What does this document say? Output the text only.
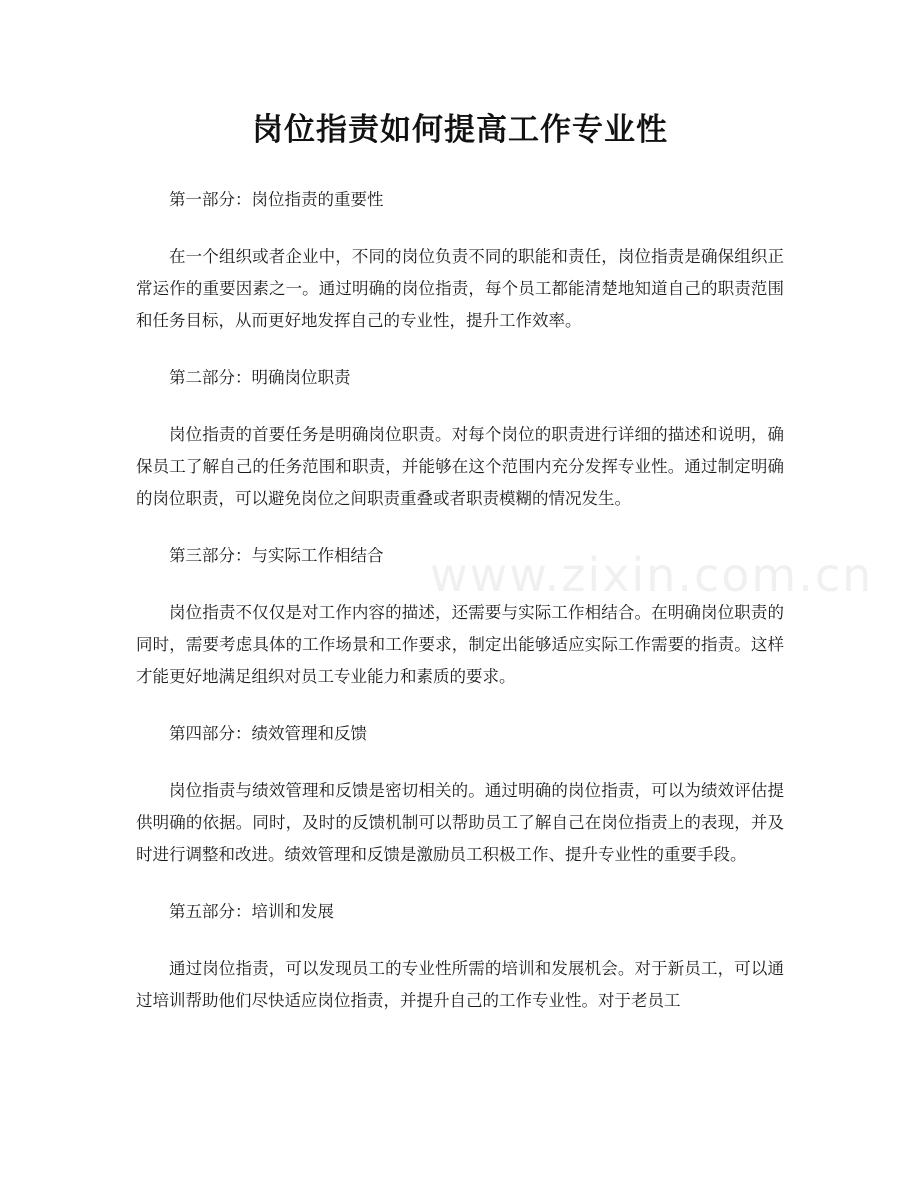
www.zixin.com.cn
岗位指责如何提高工作专业性

第一部分：岗位指责的重要性

在一个组织或者企业中，不同的岗位负责不同的职能和责任，岗位指责是确保组织正常运作的重要因素之一。通过明确的岗位指责，每个员工都能清楚地知道自己的职责范围和任务目标，从而更好地发挥自己的专业性，提升工作效率。

第二部分：明确岗位职责

岗位指责的首要任务是明确岗位职责。对每个岗位的职责进行详细的描述和说明，确保员工了解自己的任务范围和职责，并能够在这个范围内充分发挥专业性。通过制定明确的岗位职责，可以避免岗位之间职责重叠或者职责模糊的情况发生。

第三部分：与实际工作相结合

岗位指责不仅仅是对工作内容的描述，还需要与实际工作相结合。在明确岗位职责的同时，需要考虑具体的工作场景和工作要求，制定出能够适应实际工作需要的指责。这样才能更好地满足组织对员工专业能力和素质的要求。

第四部分：绩效管理和反馈

岗位指责与绩效管理和反馈是密切相关的。通过明确的岗位指责，可以为绩效评估提供明确的依据。同时，及时的反馈机制可以帮助员工了解自己在岗位指责上的表现，并及时进行调整和改进。绩效管理和反馈是激励员工积极工作、提升专业性的重要手段。

第五部分：培训和发展

通过岗位指责，可以发现员工的专业性所需的培训和发展机会。对于新员工，可以通过培训帮助他们尽快适应岗位指责，并提升自己的工作专业性。对于老员工
